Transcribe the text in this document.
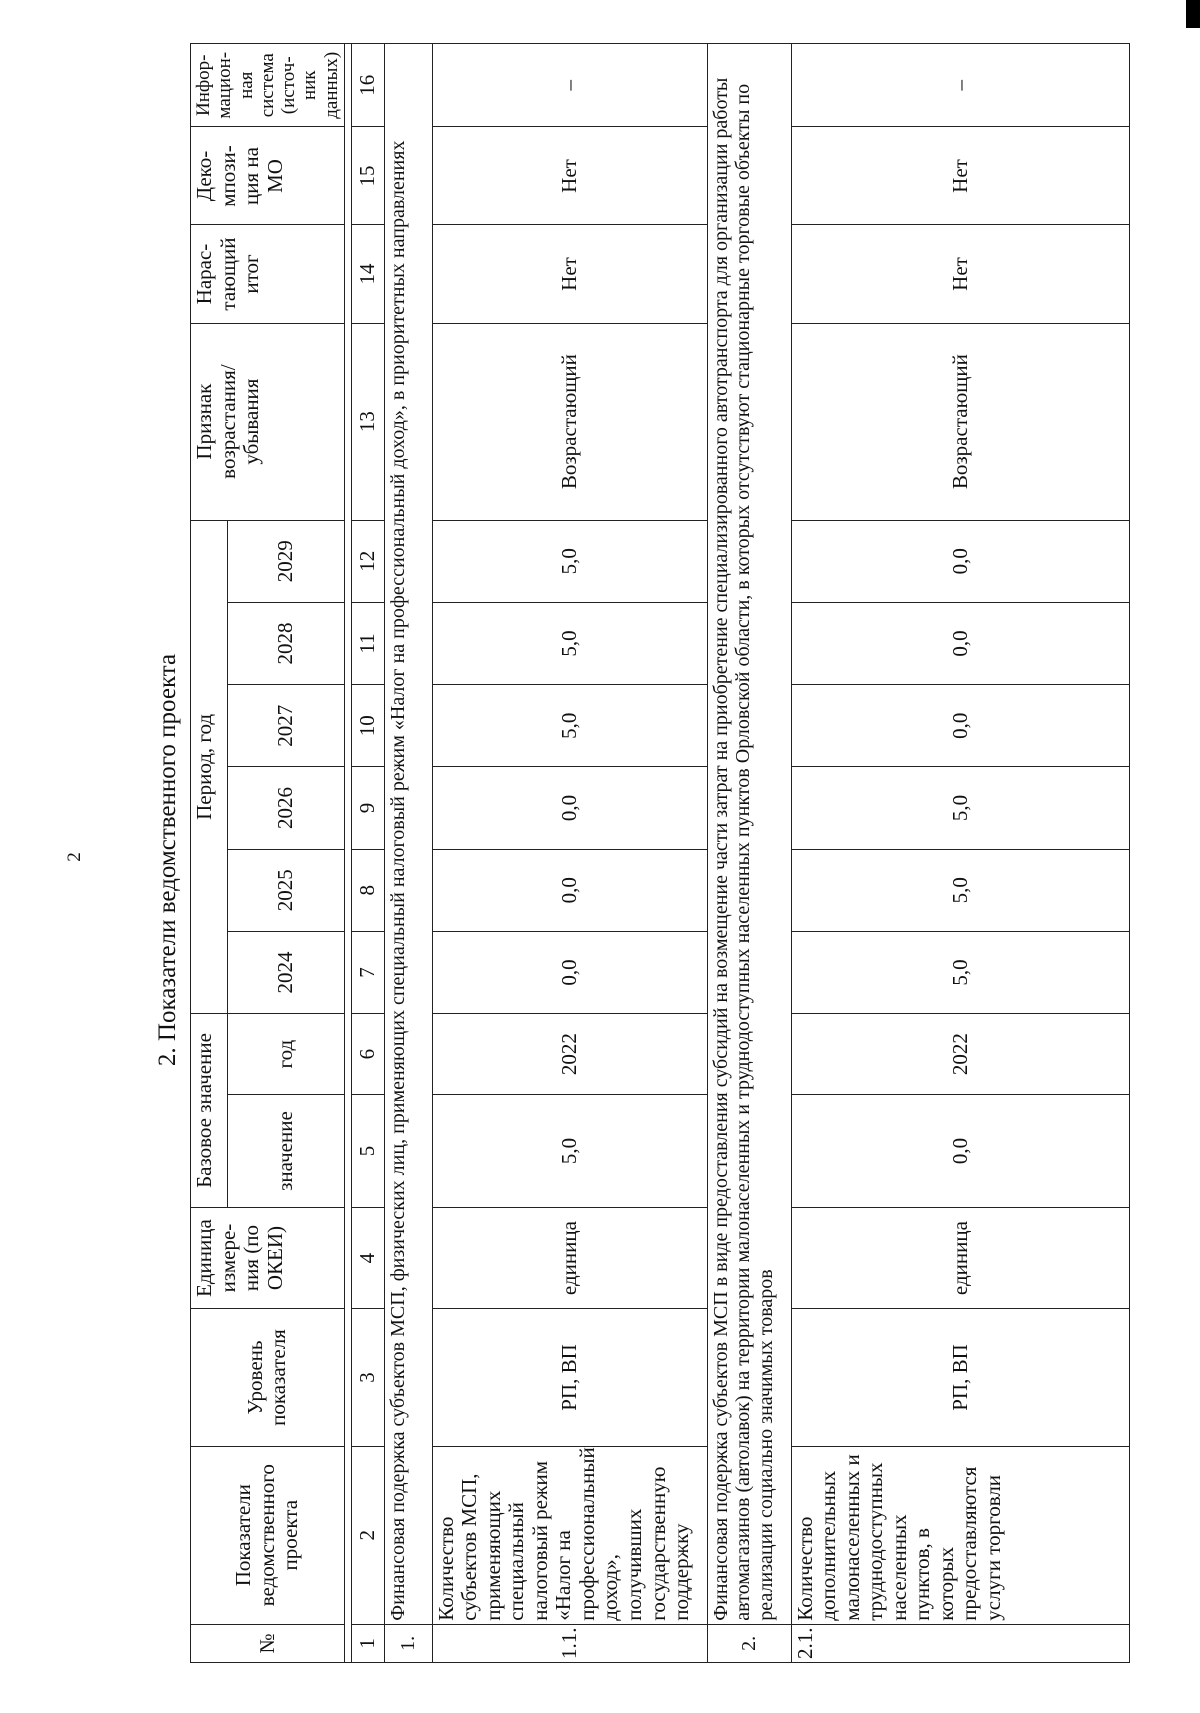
2	2. Показатели ведомственного проекта
№	Показатели ведомственного проекта	Уровень показателя	Единица измере-ния (по ОКЕИ)	Базовое значение		Период, год						Признак возрастания/ убывания	Нарас-тающий итог	Деко-мпози-ция на МО	Инфор-мацион-ная система (источ-ник данных)
				значение	год	2024	2025	2026	2027	2028	2029				

1	2	3	4	5	6	7	8	9	10	11	12	13	14	15	16
1.	Финансовая подержка субъектов МСП, физических лиц, применяющих специальный налоговый режим «Налог на профессиональный доход», в приоритетных направлениях														
1.1.	Количество субъектов МСП, применяющих специальный налоговый режим «Налог на профессиональный доход», получивших государственную поддержку	РП, ВП	единица	5,0	2022	0,0	0,0	0,0	5,0	5,0	5,0	Возрастающий	Нет	Нет	–
2.	Финансовая подержка субъектов МСП в виде предоставления субсидий на возмещение части затрат на приобретение специализированного автотранспорта для организации работы автомагазинов (автолавок) на территории малонаселенных и труднодоступных населенных пунктов Орловской области, в которых отсутствуют стационарные торговые объекты по реализации социально значимых товаров														
2.1.	Количество дополнительных малонаселенных и труднодоступных населенных пунктов, в которых предоставляются услуги торговли	РП, ВП	единица	0,0	2022	5,0	5,0	5,0	0,0	0,0	0,0	Возрастающий	Нет	Нет	–
